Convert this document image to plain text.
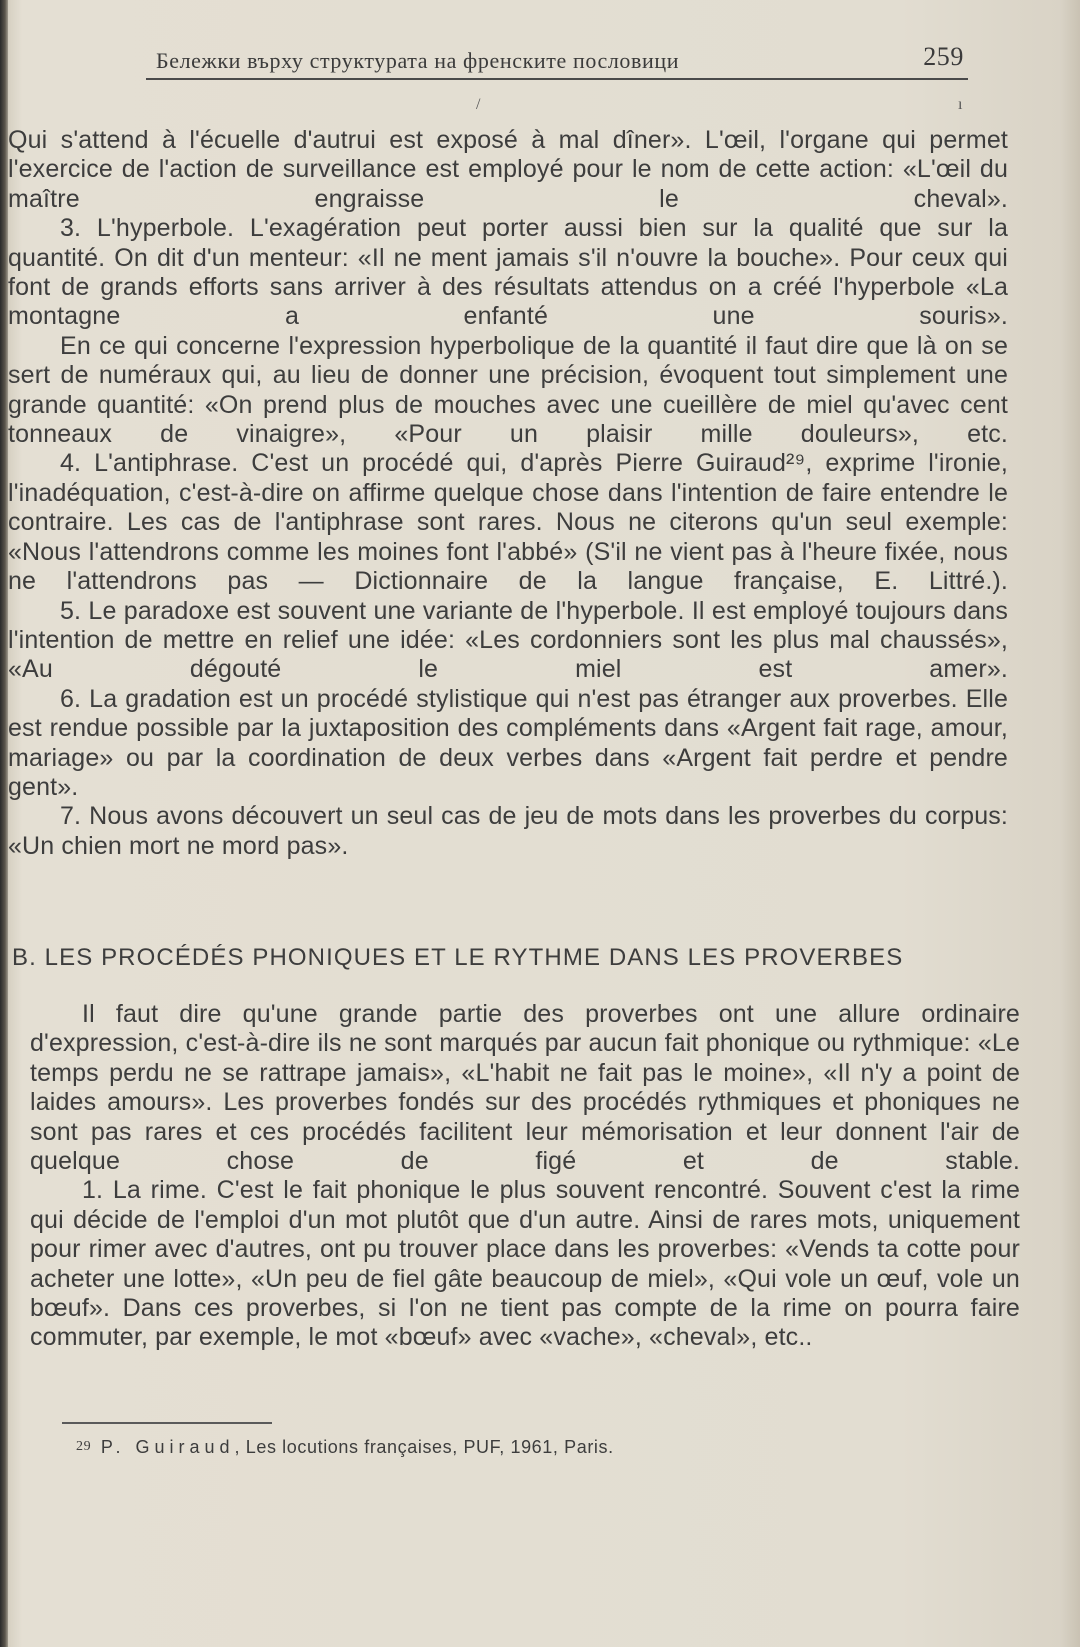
Бележки върху структурата на френските пословици	259
/	ı

Qui s'attend à l'écuelle d'autrui est exposé à mal dîner». L'œil, l'organe qui permet l'exercice de l'action de surveillance est employé pour le nom de cette action: «L'œil du maître engraisse le cheval».

3. L'hyperbole. L'exagération peut porter aussi bien sur la qualité que sur la quantité. On dit d'un menteur: «Il ne ment jamais s'il n'ouvre la bouche». Pour ceux qui font de grands efforts sans arriver à des résultats attendus on a créé l'hyperbole «La montagne a enfanté une souris».

En ce qui concerne l'expression hyperbolique de la quantité il faut dire que là on se sert de numéraux qui, au lieu de donner une précision, évoquent tout simplement une grande quantité: «On prend plus de mouches avec une cueillère de miel qu'avec cent tonneaux de vinaigre», «Pour un plaisir mille douleurs», etc.

4. L'antiphrase. C'est un procédé qui, d'après Pierre Guiraud²⁹, exprime l'ironie, l'inadéquation, c'est-à-dire on affirme quelque chose dans l'intention de faire entendre le contraire. Les cas de l'antiphrase sont rares. Nous ne citerons qu'un seul exemple: «Nous l'attendrons comme les moines font l'abbé» (S'il ne vient pas à l'heure fixée, nous ne l'attendrons pas — Dictionnaire de la langue française, E. Littré.).

5. Le paradoxe est souvent une variante de l'hyperbole. Il est employé toujours dans l'intention de mettre en relief une idée: «Les cordonniers sont les plus mal chaussés», «Au dégouté le miel est amer».

6. La gradation est un procédé stylistique qui n'est pas étranger aux proverbes. Elle est rendue possible par la juxtaposition des compléments dans «Argent fait rage, amour, mariage» ou par la coordination de deux verbes dans «Argent fait perdre et pendre gent».

7. Nous avons découvert un seul cas de jeu de mots dans les proverbes du corpus: «Un chien mort ne mord pas».

B. LES PROCÉDÉS PHONIQUES ET LE RYTHME DANS LES PROVERBES

Il faut dire qu'une grande partie des proverbes ont une allure ordinaire d'expression, c'est-à-dire ils ne sont marqués par aucun fait phonique ou rythmique: «Le temps perdu ne se rattrape jamais», «L'habit ne fait pas le moine», «Il n'y a point de laides amours». Les proverbes fondés sur des procédés rythmiques et phoniques ne sont pas rares et ces procédés facilitent leur mémorisation et leur donnent l'air de quelque chose de figé et de stable.

1. La rime. C'est le fait phonique le plus souvent rencontré. Souvent c'est la rime qui décide de l'emploi d'un mot plutôt que d'un autre. Ainsi de rares mots, uniquement pour rimer avec d'autres, ont pu trouver place dans les proverbes: «Vends ta cotte pour acheter une lotte», «Un peu de fiel gâte beaucoup de miel», «Qui vole un œuf, vole un bœuf». Dans ces proverbes, si l'on ne tient pas compte de la rime on pourra faire commuter, par exemple, le mot «bœuf» avec «vache», «cheval», etc..

29 P. Guiraud, Les locutions françaises, PUF, 1961, Paris.
